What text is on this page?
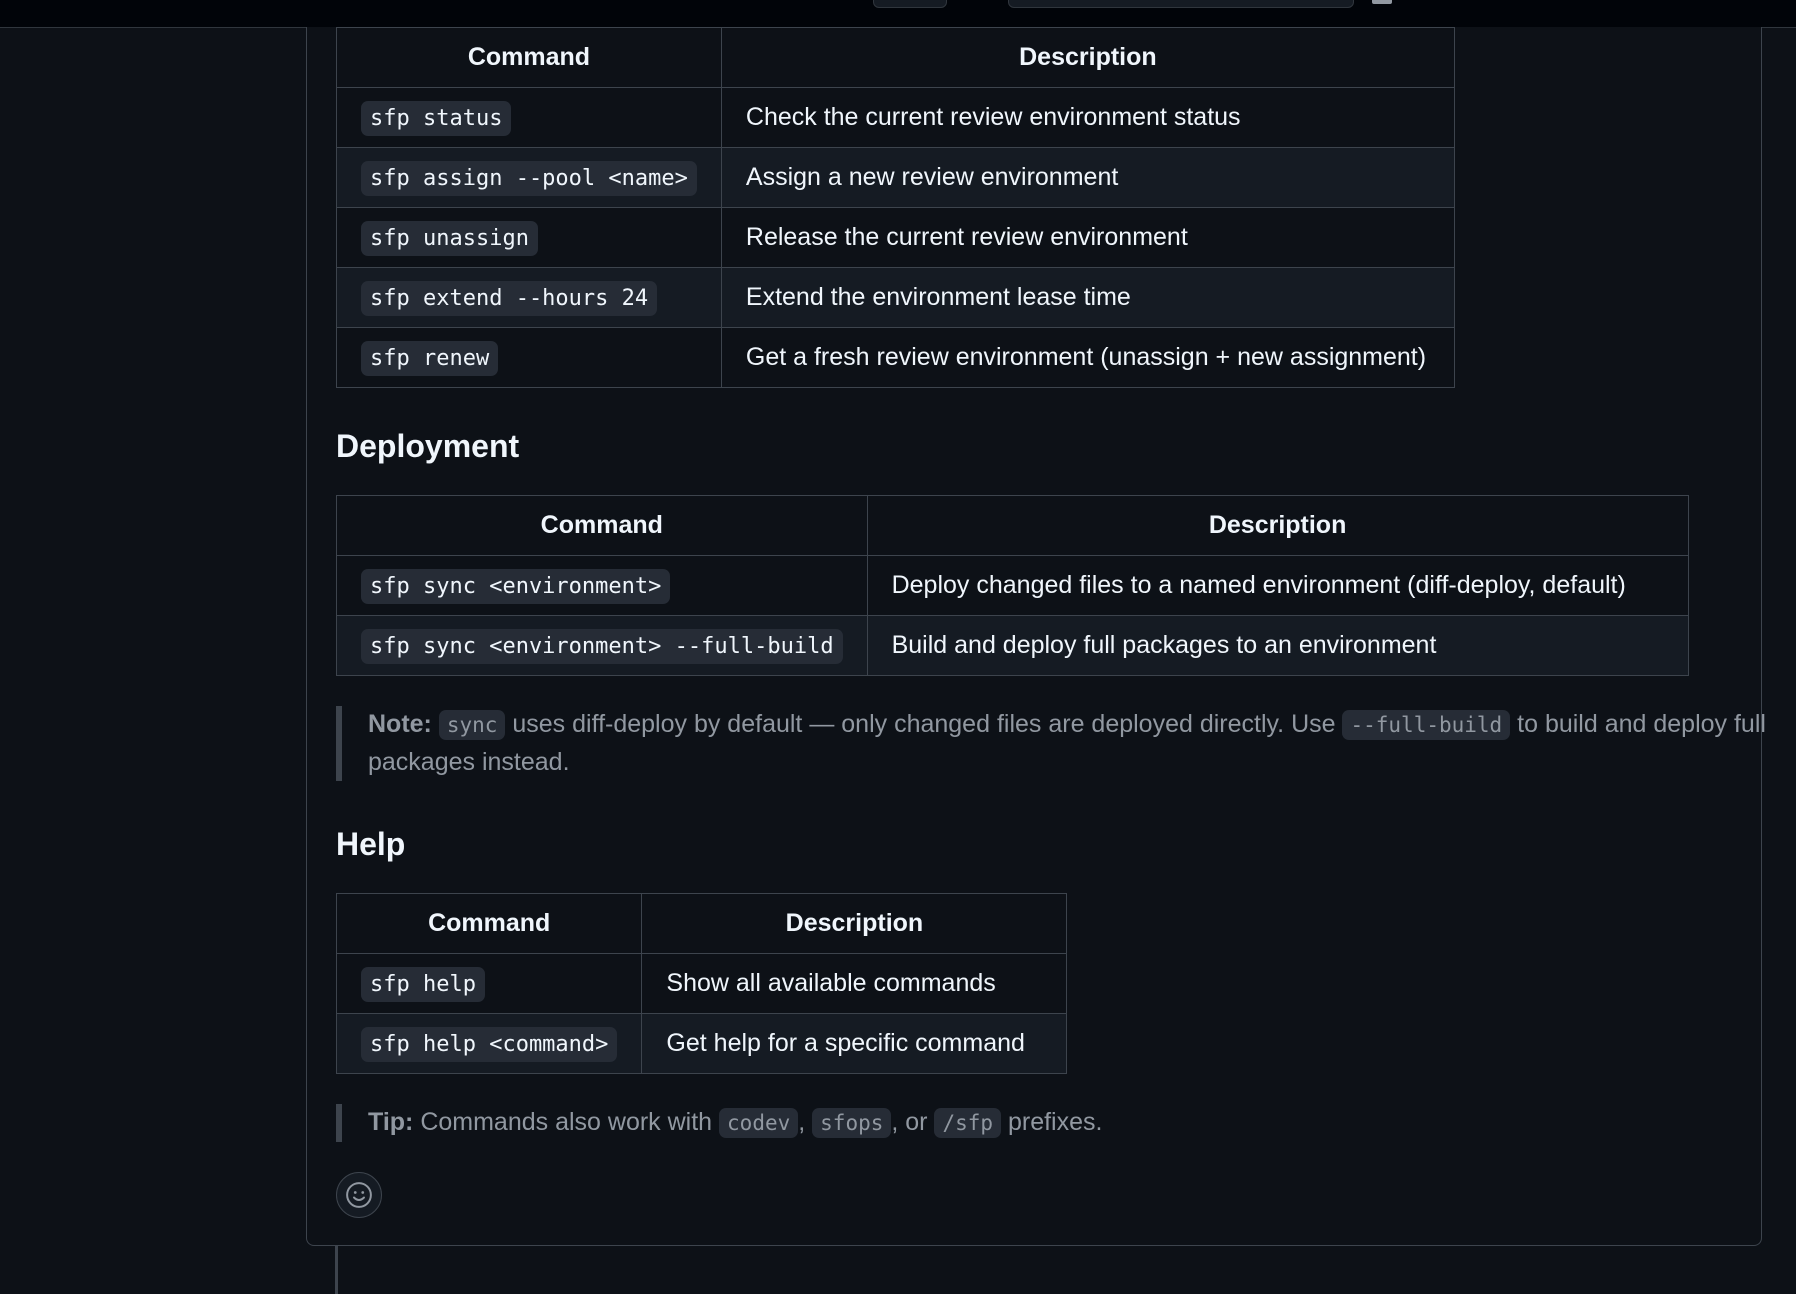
Command	Description
sfp status	Check the current review environment status
sfp assign --pool <name>	Assign a new review environment
sfp unassign	Release the current review environment
sfp extend --hours 24	Extend the environment lease time
sfp renew	Get a fresh review environment (unassign + new assignment)
Deployment
Command	Description
sfp sync <environment>	Deploy changed files to a named environment (diff-deploy, default)
sfp sync <environment> --full-build	Build and deploy full packages to an environment
Note: sync uses diff-deploy by default — only changed files are deployed directly. Use --full-build to build and deploy full packages instead.
Help
Command	Description
sfp help	Show all available commands
sfp help <command>	Get help for a specific command
Tip: Commands also work with codev , sfops , or /sfp prefixes.
